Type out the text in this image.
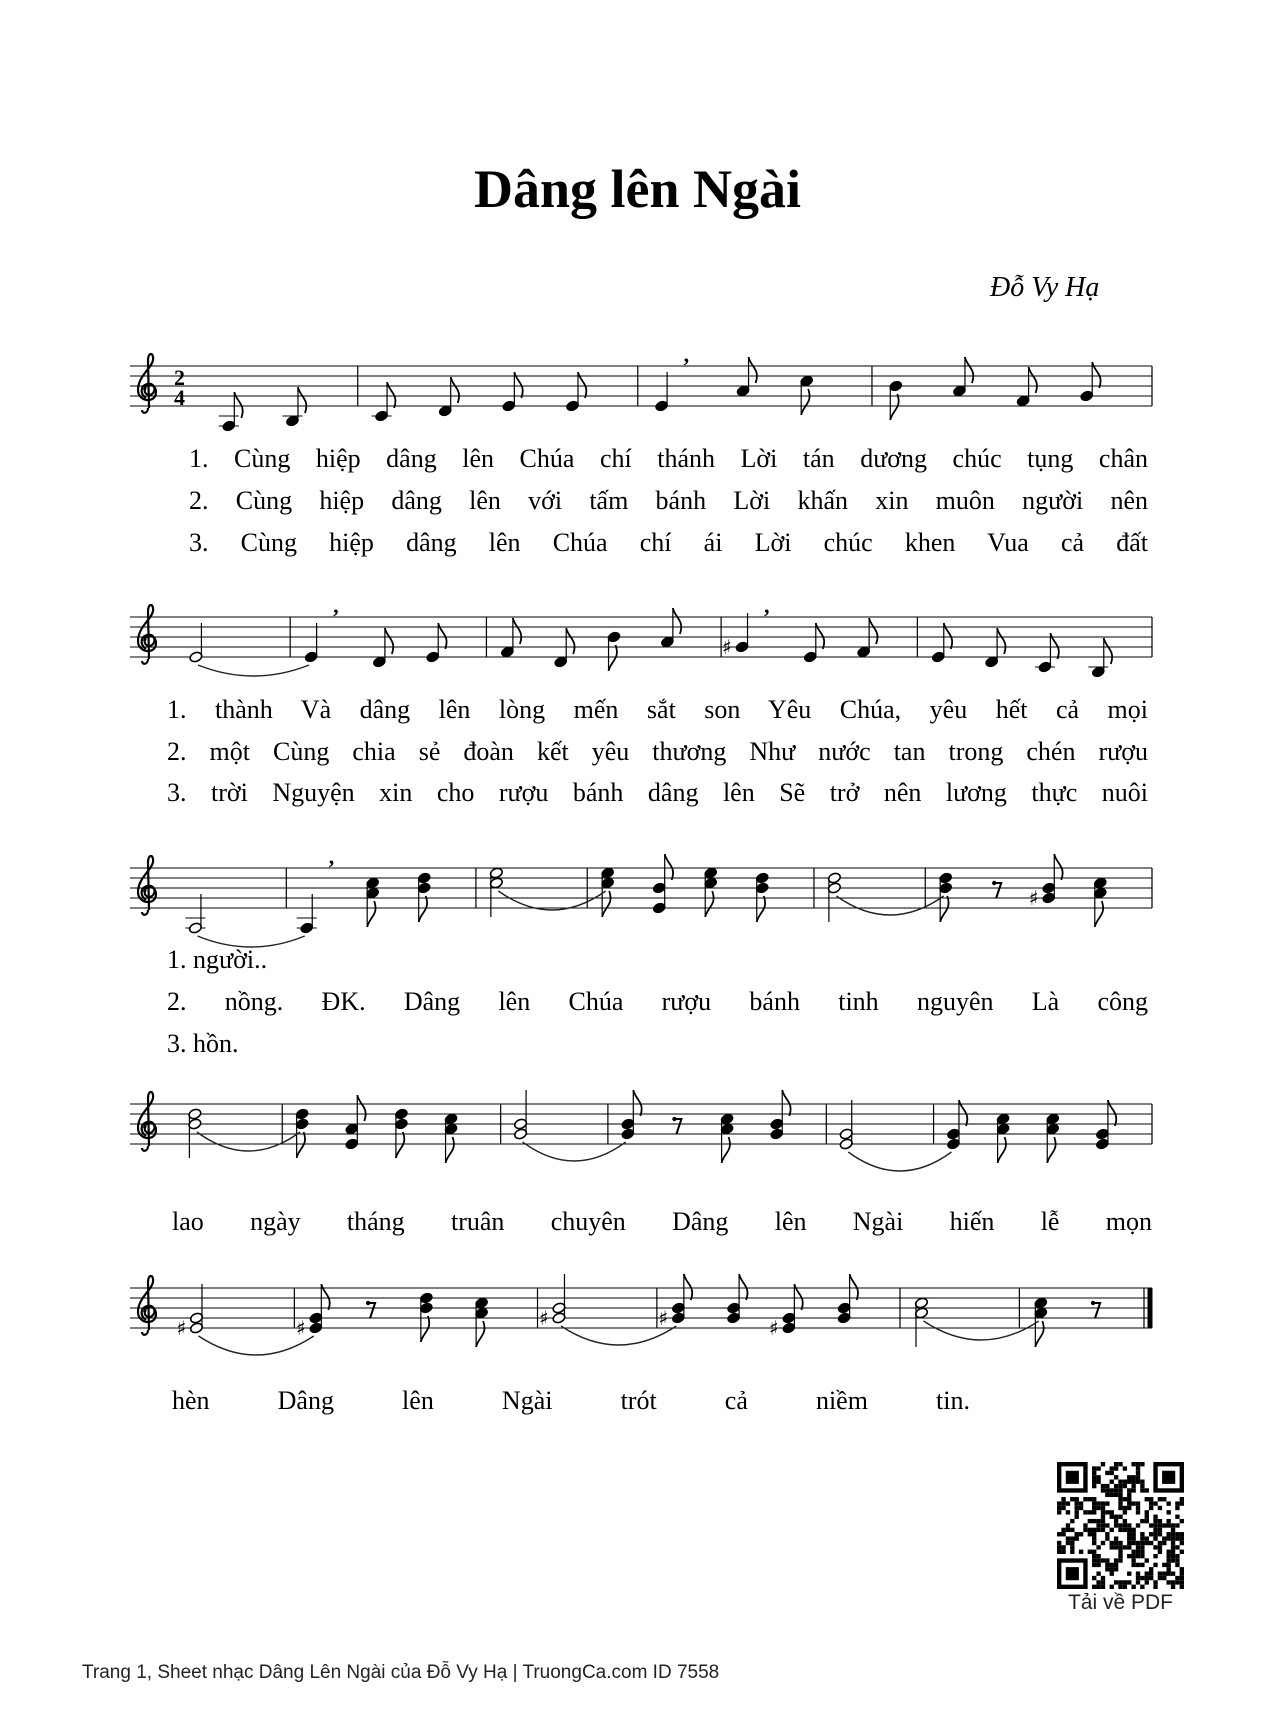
Dâng lên Ngài
Đỗ Vy Hạ
2
4
,
,
♯
,
,
♯
♯	♯	♯	♯	♯
1. Cùng hiệp dâng lên Chúa chí thánh Lời tán dương chúc tụng chân
2. Cùng hiệp dâng lên với tấm bánh Lời khấn xin muôn người nên
3. Cùng hiệp dâng lên Chúa chí ái Lời chúc khen Vua cả đất
1. thành Và dâng lên lòng mến sắt son Yêu Chúa, yêu hết cả mọi
2. một Cùng chia sẻ đoàn kết yêu thương Như nước tan trong chén rượu
3. trời Nguyện xin cho rượu bánh dâng lên Sẽ trở nên lương thực nuôi
1. người..
2. nồng. ĐK. Dâng lên Chúa rượu bánh tinh nguyên Là công
3. hồn.
lao ngày tháng truân chuyên Dâng lên Ngài hiến lễ mọn
hèn Dâng lên Ngài trót cả niềm tin.
Tải về PDF
Trang 1, Sheet nhạc Dâng Lên Ngài của Đỗ Vy Hạ | TruongCa.com ID 7558
